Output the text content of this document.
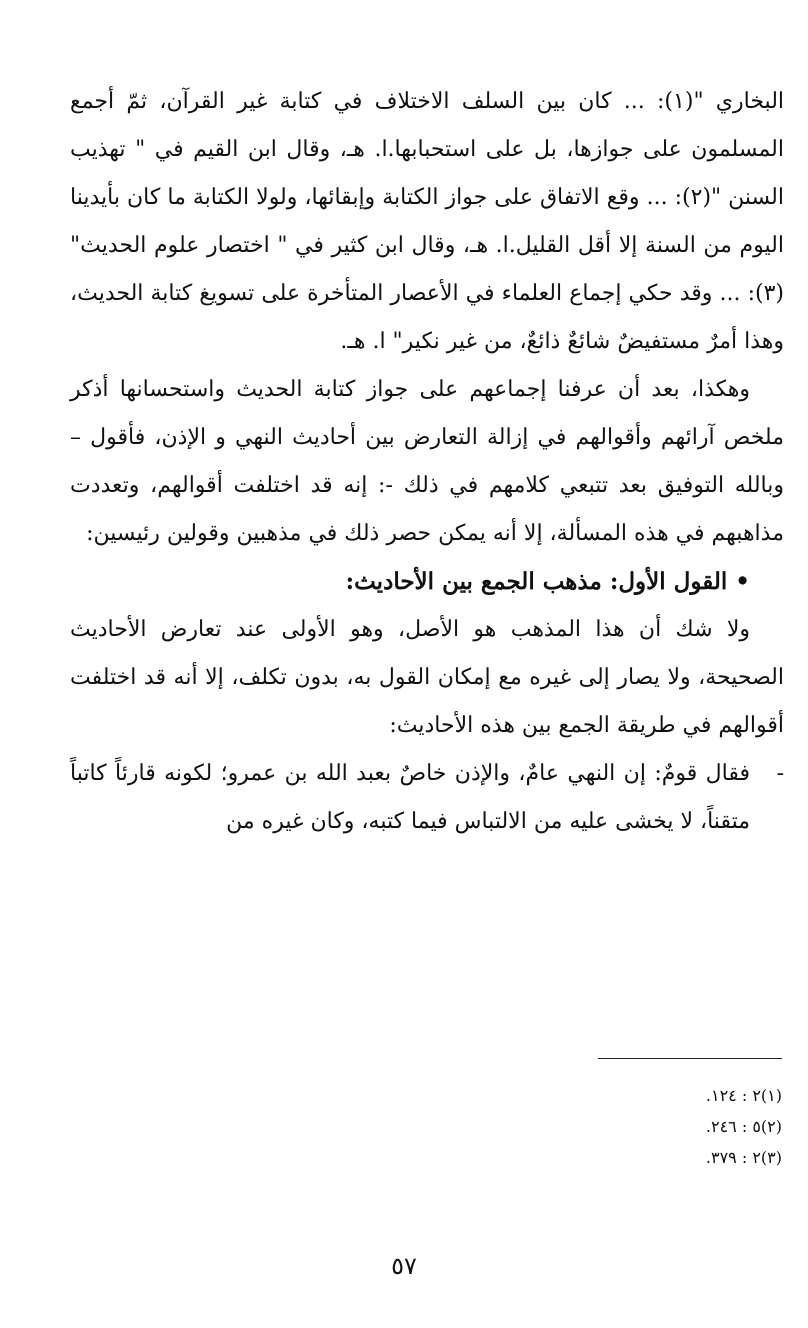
البخاري "(١): ... كان بين السلف الاختلاف في كتابة غير القرآن، ثمّ أجمع المسلمون على جوازها، بل على استحبابها.ا. هـ، وقال ابن القيم في " تهذيب السنن "(٢): ... وقع الاتفاق على جواز الكتابة وإبقائها، ولولا الكتابة ما كان بأيدينا اليوم من السنة إلا أقل القليل.ا. هـ، وقال ابن كثير في " اختصار علوم الحديث"(٣): ... وقد حكي إجماع العلماء في الأعصار المتأخرة على تسويغ كتابة الحديث، وهذا أمرٌ مستفيضٌ شائعٌ ذائعٌ، من غير نكير" ا. هـ.

وهكذا، بعد أن عرفنا إجماعهم على جواز كتابة الحديث واستحسانها أذكر ملخص آرائهم وأقوالهم في إزالة التعارض بين أحاديث النهي و الإذن، فأقول – وبالله التوفيق بعد تتبعي كلامهم في ذلك -: إنه قد اختلفت أقوالهم، وتعددت مذاهبهم في هذه المسألة، إلا أنه يمكن حصر ذلك في مذهبين وقولين رئيسين:

• القول الأول: مذهب الجمع بين الأحاديث:

ولا شك أن هذا المذهب هو الأصل، وهو الأولى عند تعارض الأحاديث الصحيحة، ولا يصار إلى غيره مع إمكان القول به، بدون تكلف، إلا أنه قد اختلفت أقوالهم في طريقة الجمع بين هذه الأحاديث:

-
فقال قومٌ: إن النهي عامٌ، والإذن خاصٌ بعبد الله بن عمرو؛ لكونه قارئاً كاتباً متقناً، لا يخشى عليه من الالتباس فيما كتبه، وكان غيره من

(١)٢ : ١٢٤.

(٢)٥ : ٢٤٦.

(٣)٢ : ٣٧٩.

٥٧
